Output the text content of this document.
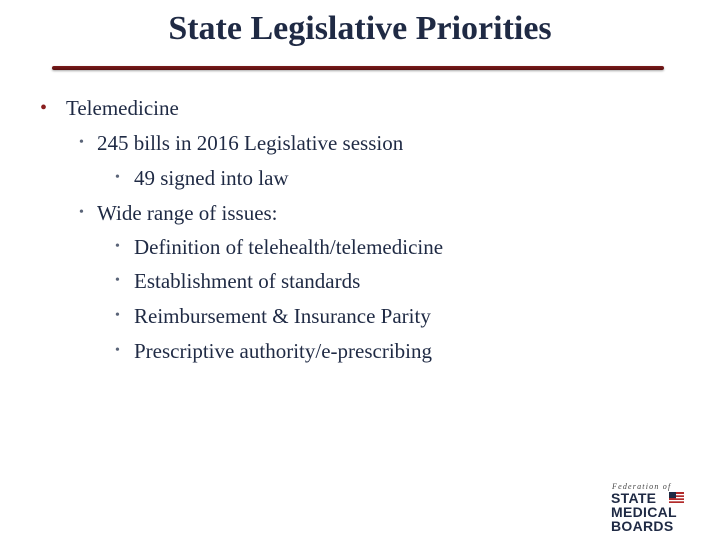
State Legislative Priorities
• Telemedicine
• 245 bills in 2016 Legislative session
• 49 signed into law
• Wide range of issues:
• Definition of telehealth/telemedicine
• Establishment of standards
• Reimbursement & Insurance Parity
• Prescriptive authority/e-prescribing
Federation of
STATE
MEDICAL
BOARDS
